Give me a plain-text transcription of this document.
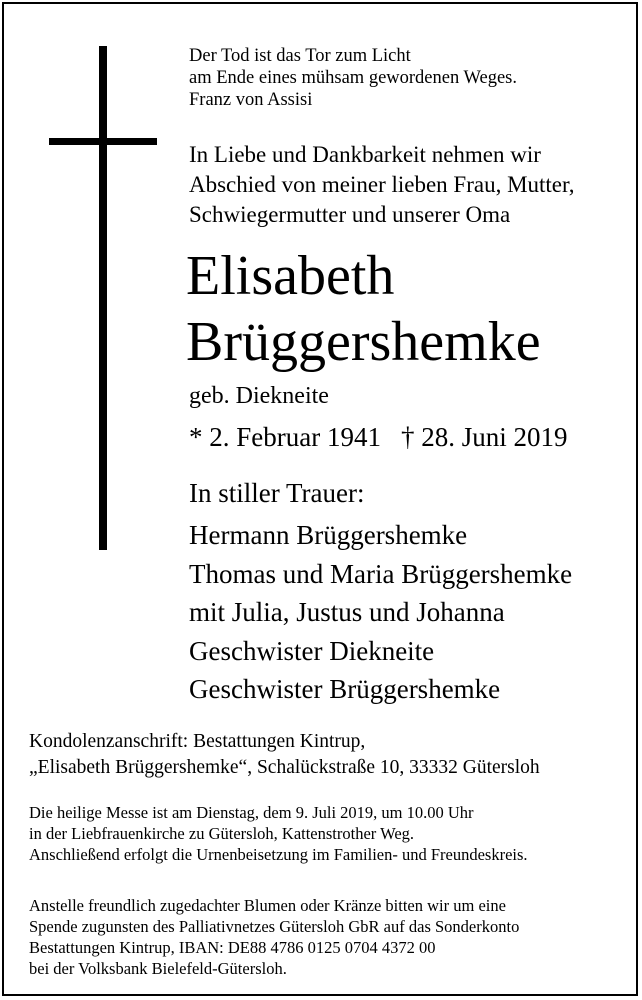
Der Tod ist das Tor zum Licht
am Ende eines mühsam gewordenen Weges.
Franz von Assisi
In Liebe und Dankbarkeit nehmen wir
Abschied von meiner lieben Frau, Mutter,
Schwiegermutter und unserer Oma
Elisabeth
Brüggershemke
geb. Diekneite
* 2. Februar 1941 † 28. Juni 2019
In stiller Trauer:
Hermann Brüggershemke
Thomas und Maria Brüggershemke
mit Julia, Justus und Johanna
Geschwister Diekneite
Geschwister Brüggershemke
Kondolenzanschrift: Bestattungen Kintrup,
„Elisabeth Brüggershemke“, Schalückstraße 10, 33332 Gütersloh
Die heilige Messe ist am Dienstag, dem 9. Juli 2019, um 10.00 Uhr
in der Liebfrauenkirche zu Gütersloh, Kattenstrother Weg.
Anschließend erfolgt die Urnenbeisetzung im Familien- und Freundeskreis.
Anstelle freundlich zugedachter Blumen oder Kränze bitten wir um eine
Spende zugunsten des Palliativnetzes Gütersloh GbR auf das Sonderkonto
Bestattungen Kintrup, IBAN: DE88 4786 0125 0704 4372 00
bei der Volksbank Bielefeld-Gütersloh.
